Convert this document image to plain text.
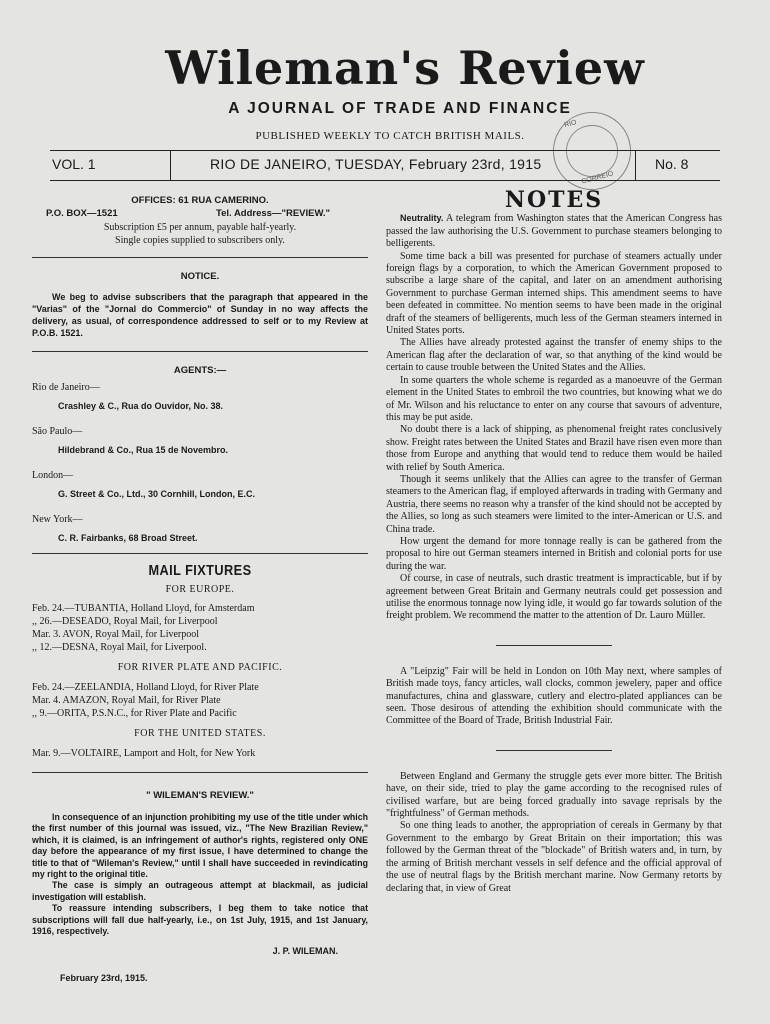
Wileman's Review
A JOURNAL OF TRADE AND FINANCE
PUBLISHED WEEKLY TO CATCH BRITISH MAILS.
RIO
CORREIO
VOL. 1	RIO DE JANEIRO, TUESDAY, February 23rd, 1915	No. 8
OFFICES: 61 RUA CAMERINO.
P.O. BOX—1521	Tel. Address—"REVIEW."
Subscription £5 per annum, payable half-yearly.
Single copies supplied to subscribers only.
NOTICE.

We beg to advise subscribers that the paragraph that appeared in the "Varias" of the "Jornal do Commercio" of Sunday in no way affects the delivery, as usual, of correspondence addressed to self or to my Review at P.O.B. 1521.

AGENTS:—
Rio de Janeiro—
Crashley & C., Rua do Ouvidor, No. 38.
São Paulo—
Hildebrand & Co., Rua 15 de Novembro.
London—
G. Street & Co., Ltd., 30 Cornhill, London, E.C.
New York—
C. R. Fairbanks, 68 Broad Street.
MAIL FIXTURES
FOR EUROPE.
Feb. 24.—TUBANTIA, Holland Lloyd, for Amsterdam
,, 26.—DESEADO, Royal Mail, for Liverpool
Mar. 3. AVON, Royal Mail, for Liverpool
,, 12.—DESNA, Royal Mail, for Liverpool.
FOR RIVER PLATE AND PACIFIC.
Feb. 24.—ZEELANDIA, Holland Lloyd, for River Plate
Mar. 4. AMAZON, Royal Mail, for River Plate
,, 9.—ORITA, P.S.N.C., for River Plate and Pacific
FOR THE UNITED STATES.
Mar. 9.—VOLTAIRE, Lamport and Holt, for New York
" WILEMAN'S REVIEW."

In consequence of an injunction prohibiting my use of the title under which the first number of this journal was issued, viz., "The New Brazilian Review," which, it is claimed, is an infringement of author's rights, registered only ONE day before the appearance of my first issue, I have determined to change the title to that of "Wileman's Review," until I shall have succeeded in revindicating my right to the original title.

The case is simply an outrageous attempt at blackmail, as judicial investigation will establish.

To reassure intending subscribers, I beg them to take notice that subscriptions will fall due half-yearly, i.e., on 1st July, 1915, and 1st January, 1916, respectively.

J. P. WILEMAN.
February 23rd, 1915.
NOTES

Neutrality. A telegram from Washington states that the American Congress has passed the law authorising the U.S. Government to purchase steamers belonging to belligerents.

Some time back a bill was presented for purchase of steamers actually under foreign flags by a corporation, to which the American Government proposed to subscribe a large share of the capital, and later on an amendment authorising Government to purchase German interned ships. This amendment seems to have been defeated in committee. No mention seems to have been made in the original draft of the steamers of belligerents, much less of the German steamers interned in United States ports.

The Allies have already protested against the transfer of enemy ships to the American flag after the declaration of war, so that anything of the kind would be certain to cause trouble between the United States and the Allies.

In some quarters the whole scheme is regarded as a manoeuvre of the German element in the United States to embroil the two countries, but knowing what we do of Mr. Wilson and his reluctance to enter on any course that savours of adventure, this may be put aside.

No doubt there is a lack of shipping, as phenomenal freight rates conclusively show. Freight rates between the United States and Brazil have risen even more than those from Europe and anything that would tend to reduce them would be hailed with relief by South America.

Though it seems unlikely that the Allies can agree to the transfer of German steamers to the American flag, if employed afterwards in trading with Germany and Austria, there seems no reason why a transfer of the kind should not be accepted by the Allies, so long as such steamers were limited to the inter-American or U.S. and China trade.

How urgent the demand for more tonnage really is can be gathered from the proposal to hire out German steamers interned in British and colonial ports for use during the war.

Of course, in case of neutrals, such drastic treatment is impracticable, but if by agreement between Great Britain and Germany neutrals could get possession and utilise the enormous tonnage now lying idle, it would go far towards solution of the freight problem. We recommend the matter to the attention of Dr. Lauro Müller.

A "Leipzig" Fair will be held in London on 10th May next, where samples of British made toys, fancy articles, wall clocks, common jewelery, paper and office manufactures, china and glassware, cutlery and electro-plated appliances can be seen. Those desirous of attending the exhibition should communicate with the Committee of the Board of Trade, British Industrial Fair.

Between England and Germany the struggle gets ever more bitter. The British have, on their side, tried to play the game according to the recognised rules of civilised warfare, but are being forced gradually into savage reprisals by the "frightfulness" of German methods.

So one thing leads to another, the appropriation of cereals in Germany by that Government to the embargo by Great Britain on their importation; this was followed by the German threat of the "blockade" of British waters and, in turn, by the arming of British merchant vessels in self defence and the official approval of the use of neutral flags by the British merchant marine. Now Germany retorts by declaring that, in view of Great
